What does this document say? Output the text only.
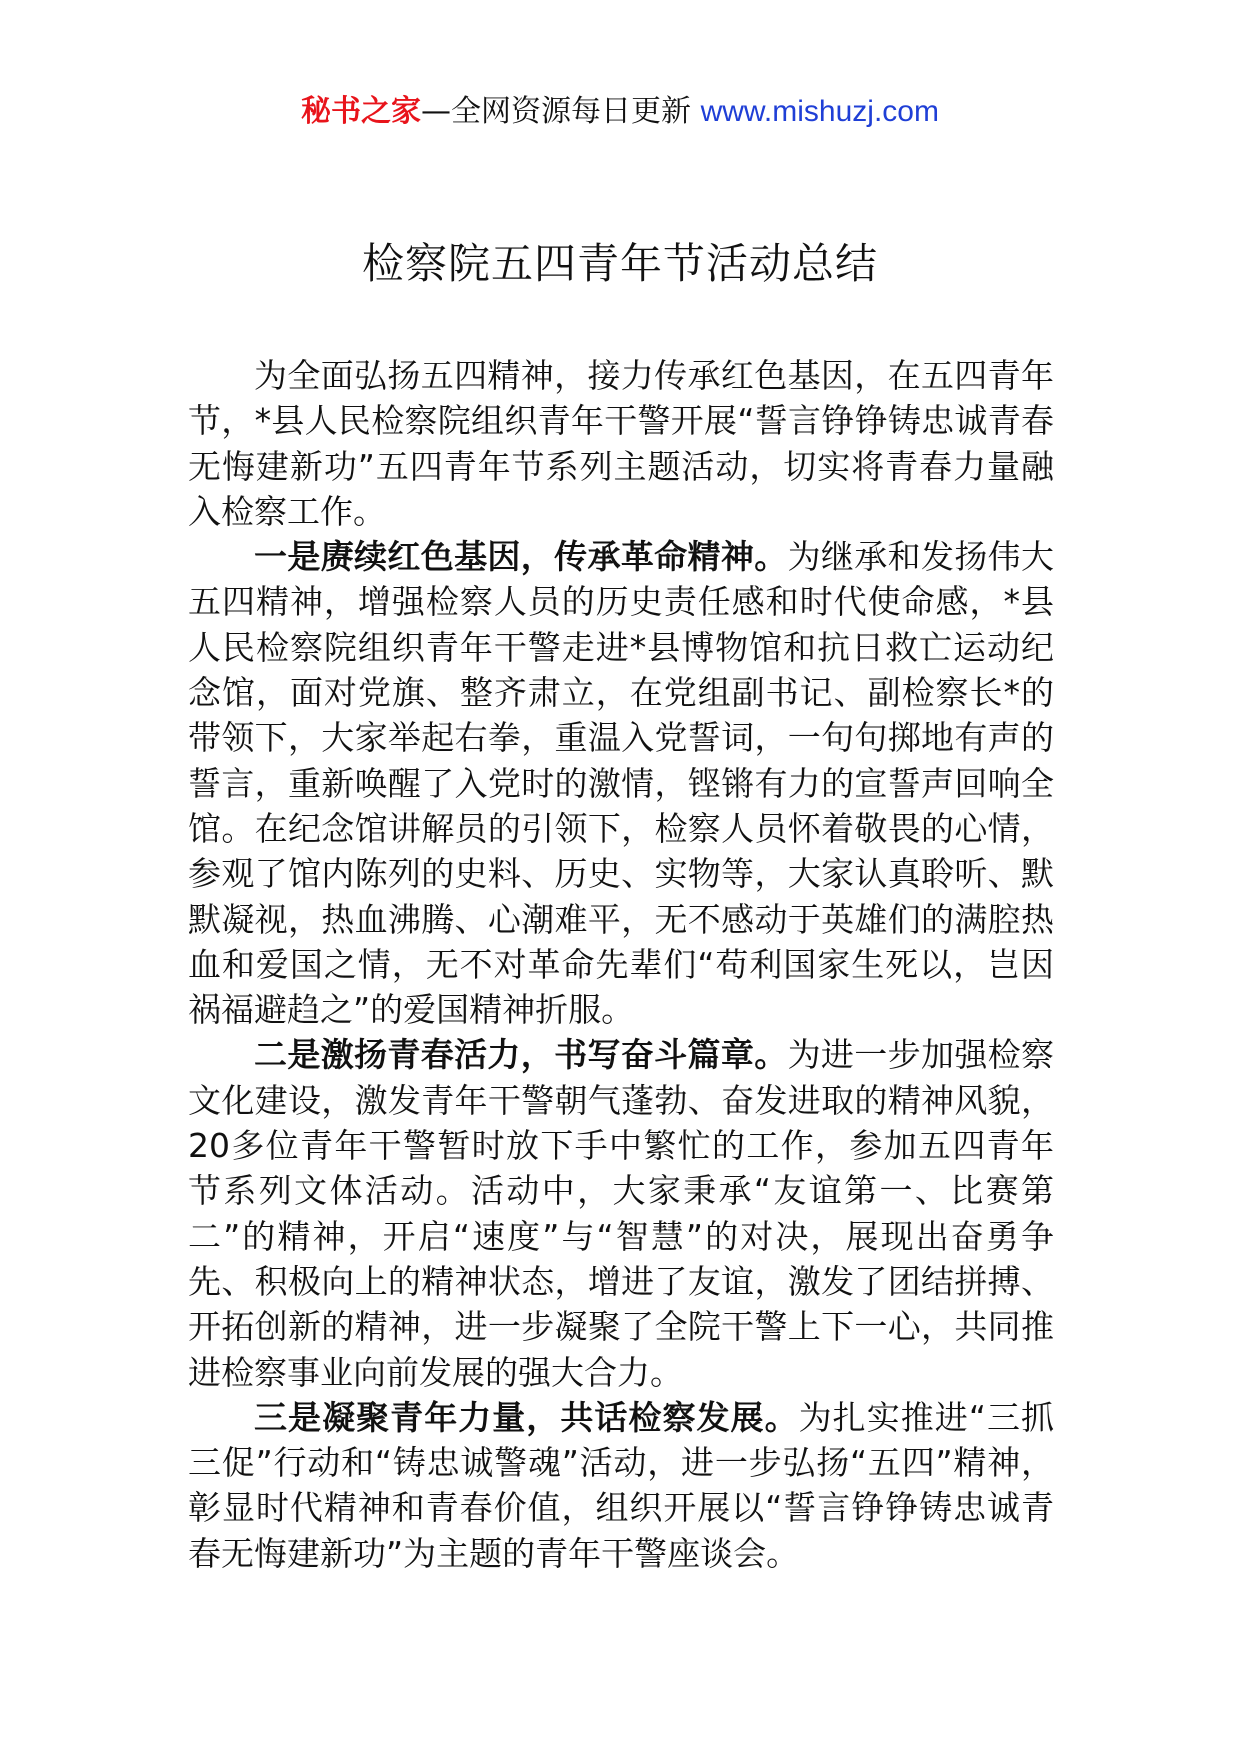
秘书之家—全网资源每日更新 www.mishuzj.com
检察院五四青年节活动总结

为全面弘扬五四精神，接力传承红色基因，在五四青年节，*县人民检察院组织青年干警开展“誓言铮铮铸忠诚青春无悔建新功”五四青年节系列主题活动，切实将青春力量融入检察工作。

一是赓续红色基因，传承革命精神。为继承和发扬伟大五四精神，增强检察人员的历史责任感和时代使命感，*县人民检察院组织青年干警走进*县博物馆和抗日救亡运动纪念馆，面对党旗、整齐肃立，在党组副书记、副检察长*的带领下，大家举起右拳，重温入党誓词，一句句掷地有声的誓言，重新唤醒了入党时的激情，铿锵有力的宣誓声回响全馆。在纪念馆讲解员的引领下，检察人员怀着敬畏的心情，参观了馆内陈列的史料、历史、实物等，大家认真聆听、默默凝视，热血沸腾、心潮难平，无不感动于英雄们的满腔热血和爱国之情，无不对革命先辈们“苟利国家生死以，岂因祸福避趋之”的爱国精神折服。

二是激扬青春活力，书写奋斗篇章。为进一步加强检察文化建设，激发青年干警朝气蓬勃、奋发进取的精神风貌，20多位青年干警暂时放下手中繁忙的工作，参加五四青年节系列文体活动。活动中，大家秉承“友谊第一、比赛第二”的精神，开启“速度”与“智慧”的对决，展现出奋勇争先、积极向上的精神状态，增进了友谊，激发了团结拼搏、开拓创新的精神，进一步凝聚了全院干警上下一心，共同推进检察事业向前发展的强大合力。

三是凝聚青年力量，共话检察发展。为扎实推进“三抓三促”行动和“铸忠诚警魂”活动，进一步弘扬“五四”精神，彰显时代精神和青春价值，组织开展以“誓言铮铮铸忠诚青春无悔建新功”为主题的青年干警座谈会。
